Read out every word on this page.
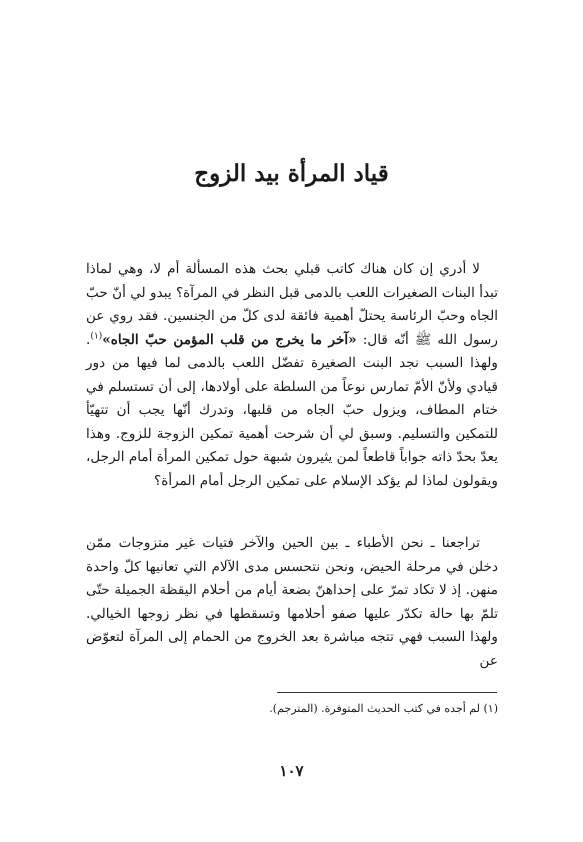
قياد المرأة بيد الزوج

لا أدري إن كان هناك كاتب قبلي بحث هذه المسألة أم لا، وهي لماذا تبدأ البنات الصغيرات اللعب بالدمى قبل النظر في المرآة؟ يبدو لي أنّ حبّ الجاه وحبّ الرئاسة يحتلّ أهمية فائقة لدى كلّ من الجنسين. فقد روي عن رسول الله ﷺ أنّه قال: «آخر ما يخرج من قلب المؤمن حبّ الجاه»$^{(١)}$. ولهذا السبب نجد البنت الصغيرة تفضّل اللعب بالدمى لما فيها من دور قيادي ولأنّ الأمّ تمارس نوعاً من السلطة على أولادها، إلى أن تستسلم في ختام المطاف، ويزول حبّ الجاه من قلبها، وتدرك أنّها يجب أن تتهيّأ للتمكين والتسليم. وسبق لي أن شرحت أهمية تمكين الزوجة للزوج. وهذا يعدّ بحدّ ذاته جواباً قاطعاً لمن يثيرون شبهة حول تمكين المرأة أمام الرجل، ويقولون لماذا لم يؤكد الإسلام على تمكين الرجل أمام المرأة؟

تراجعنا ـ نحن الأطباء ـ بين الحين والآخر فتيات غير متزوجات ممّن دخلن في مرحلة الحيض، ونحن نتحسس مدى الآلام التي تعانيها كلّ واحدة منهن. إذ لا تكاد تمرّ على إحداهنّ بضعة أيام من أحلام اليقظة الجميلة حتّى تلمّ بها حالة تكدّر عليها صفو أحلامها وتسقطها في نظر زوجها الخيالي. ولهذا السبب فهي تتجه مباشرة بعد الخروج من الحمام إلى المرآة لتعوّض عن

(١) لم أجده في كتب الحديث المتوفرة. (المترجم).

١٠٧
